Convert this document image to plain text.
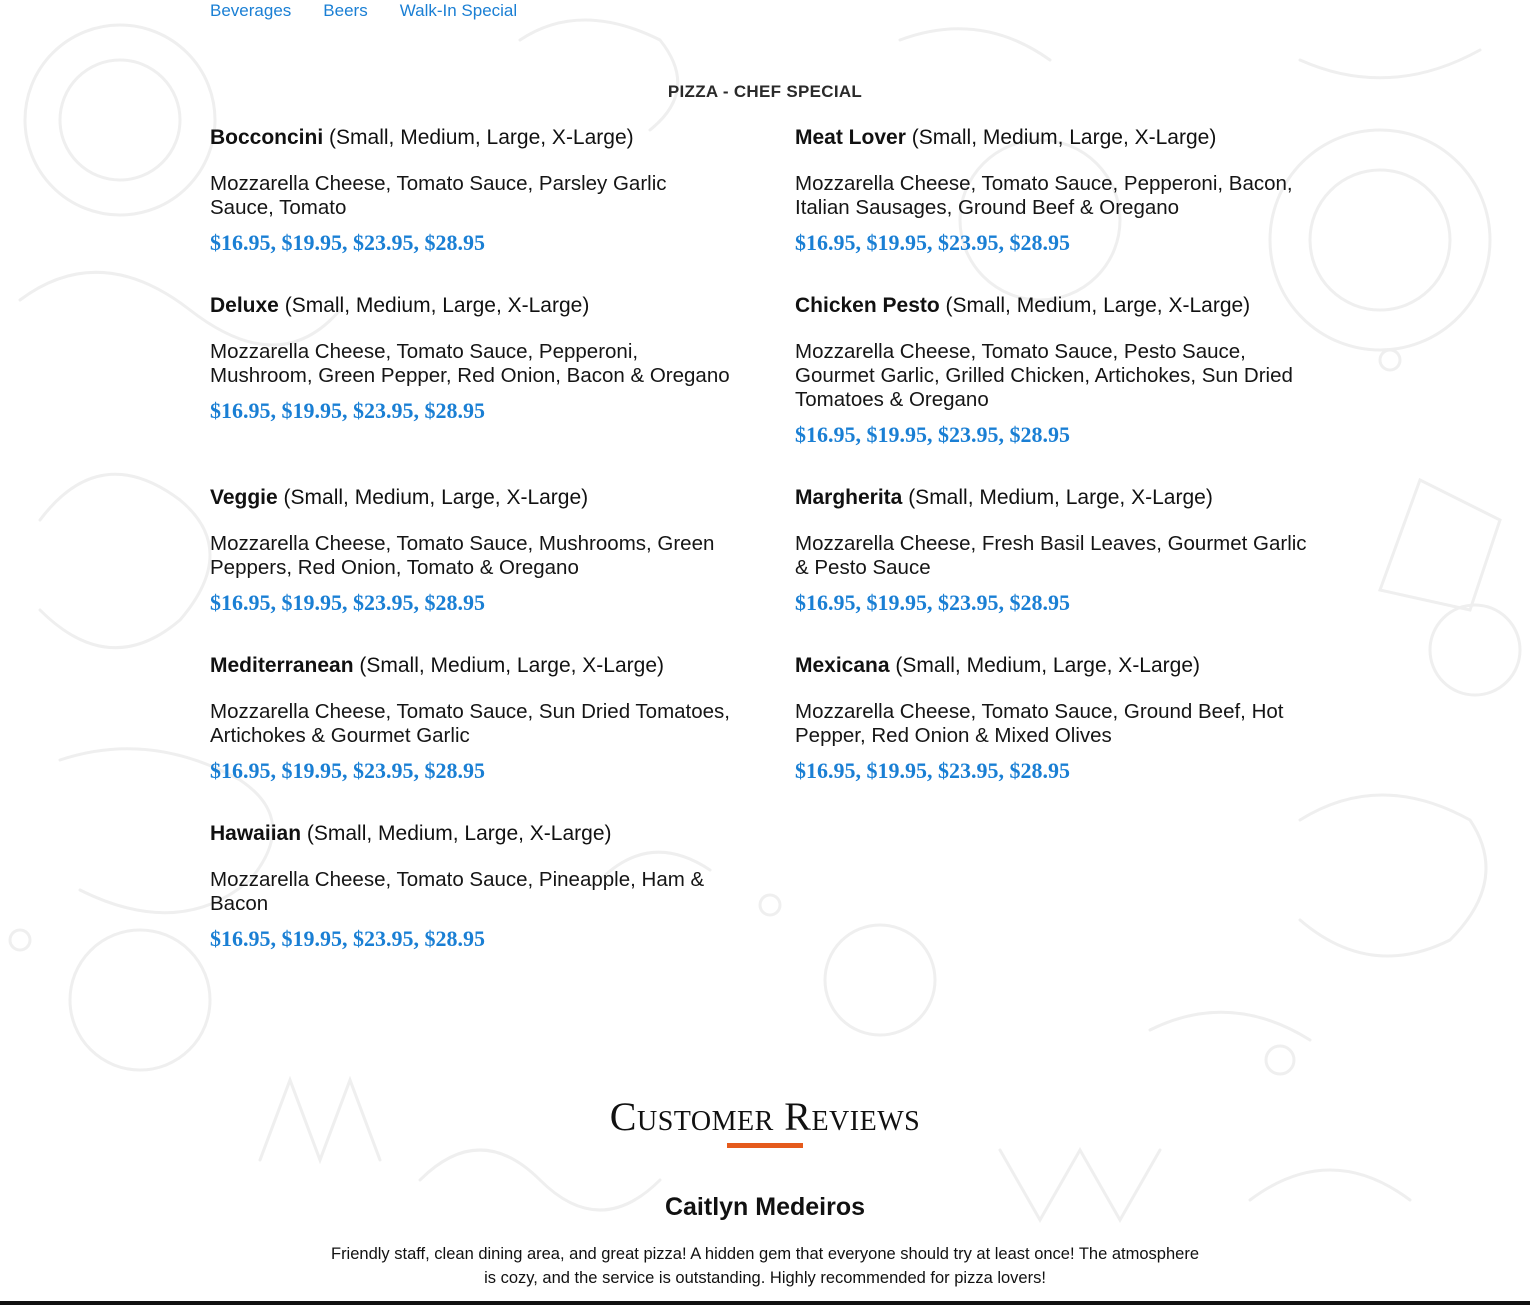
Beverages Beers Walk-In Special
PIZZA - CHEF SPECIAL
Bocconcini (Small, Medium, Large, X-Large)
Mozzarella Cheese, Tomato Sauce, Parsley Garlic Sauce, Tomato
$16.95, $19.95, $23.95, $28.95
Meat Lover (Small, Medium, Large, X-Large)
Mozzarella Cheese, Tomato Sauce, Pepperoni, Bacon, Italian Sausages, Ground Beef & Oregano
$16.95, $19.95, $23.95, $28.95
Deluxe (Small, Medium, Large, X-Large)
Mozzarella Cheese, Tomato Sauce, Pepperoni, Mushroom, Green Pepper, Red Onion, Bacon & Oregano
$16.95, $19.95, $23.95, $28.95
Chicken Pesto (Small, Medium, Large, X-Large)
Mozzarella Cheese, Tomato Sauce, Pesto Sauce, Gourmet Garlic, Grilled Chicken, Artichokes, Sun Dried Tomatoes & Oregano
$16.95, $19.95, $23.95, $28.95
Veggie (Small, Medium, Large, X-Large)
Mozzarella Cheese, Tomato Sauce, Mushrooms, Green Peppers, Red Onion, Tomato & Oregano
$16.95, $19.95, $23.95, $28.95
Margherita (Small, Medium, Large, X-Large)
Mozzarella Cheese, Fresh Basil Leaves, Gourmet Garlic & Pesto Sauce
$16.95, $19.95, $23.95, $28.95
Mediterranean (Small, Medium, Large, X-Large)
Mozzarella Cheese, Tomato Sauce, Sun Dried Tomatoes, Artichokes & Gourmet Garlic
$16.95, $19.95, $23.95, $28.95
Mexicana (Small, Medium, Large, X-Large)
Mozzarella Cheese, Tomato Sauce, Ground Beef, Hot Pepper, Red Onion & Mixed Olives
$16.95, $19.95, $23.95, $28.95
Hawaiian (Small, Medium, Large, X-Large)
Mozzarella Cheese, Tomato Sauce, Pineapple, Ham & Bacon
$16.95, $19.95, $23.95, $28.95
Customer Reviews
Caitlyn Medeiros
Friendly staff, clean dining area, and great pizza! A hidden gem that everyone should try at least once! The atmosphere is cozy, and the service is outstanding. Highly recommended for pizza lovers!
